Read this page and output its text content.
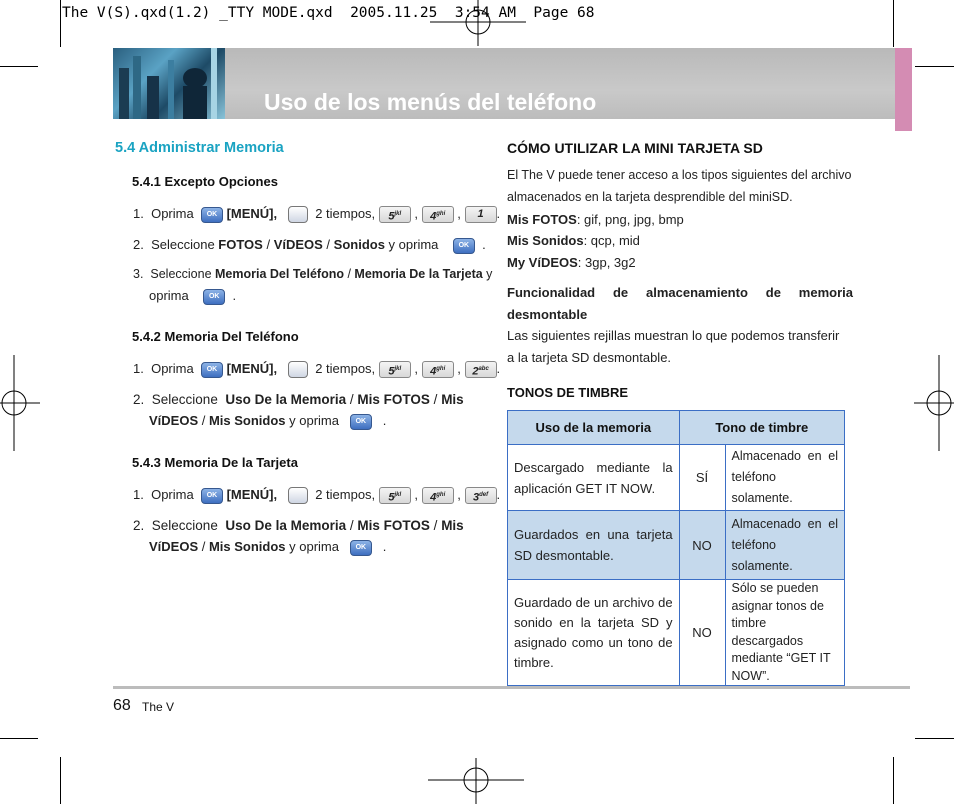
The V(S).qxd(1.2) _TTY MODE.qxd  2005.11.25  3:54 AM  Page 68
Uso de los menús del teléfono
5.4 Administrar Memoria
5.4.1 Excepto Opciones
1. Oprima OK [MENÚ],	2 tiempos, $5^{jkl}$ , $4^{ghi}$ , 1 .
2. Seleccione FOTOS / VíDEOS / Sonidos y oprima	OK .
3. Seleccione Memoria Del Teléfono / Memoria De la Tarjeta y
oprima	OK .
5.4.2 Memoria Del Teléfono
1. Oprima OK [MENÚ],	2 tiempos, $5^{jkl}$ , $4^{ghi}$ , $2^{abc}$ .
2. Seleccione  Uso De la Memoria / Mis FOTOS / Mis
VíDEOS / Mis Sonidos y oprima OK .
5.4.3 Memoria De la Tarjeta
1. Oprima OK [MENÚ],	2 tiempos, $5^{jkl}$ , $4^{ghi}$ , $3^{def}$ .
2. Seleccione  Uso De la Memoria / Mis FOTOS / Mis
VíDEOS / Mis Sonidos y oprima OK .
CÓMO UTILIZAR LA MINI TARJETA SD
El The V puede tener acceso a los tipos siguientes del archivo
almacenados en la tarjeta desprendible del miniSD.
Mis FOTOS: gif, png, jpg, bmp
Mis Sonidos: qcp, mid
My VíDEOS: 3gp, 3g2
Funcionalidad de almacenamiento de memoria
desmontable
Las siguientes rejillas muestran lo que podemos transferir
a la tarjeta SD desmontable.
TONOS DE TIMBRE
Uso de la memoria	Tono de timbre	
Descargado mediante la aplicación GET IT NOW.	SÍ	Almacenado en el teléfono solamente.
Guardados en una tarjeta SD desmontable.	NO	Almacenado en el teléfono solamente.
Guardado de un archivo de sonido en la tarjeta SD y asignado como un tono de timbre.	NO	Sólo se pueden asignar tonos de timbre descargados mediante “GET IT NOW”.
68 The V
